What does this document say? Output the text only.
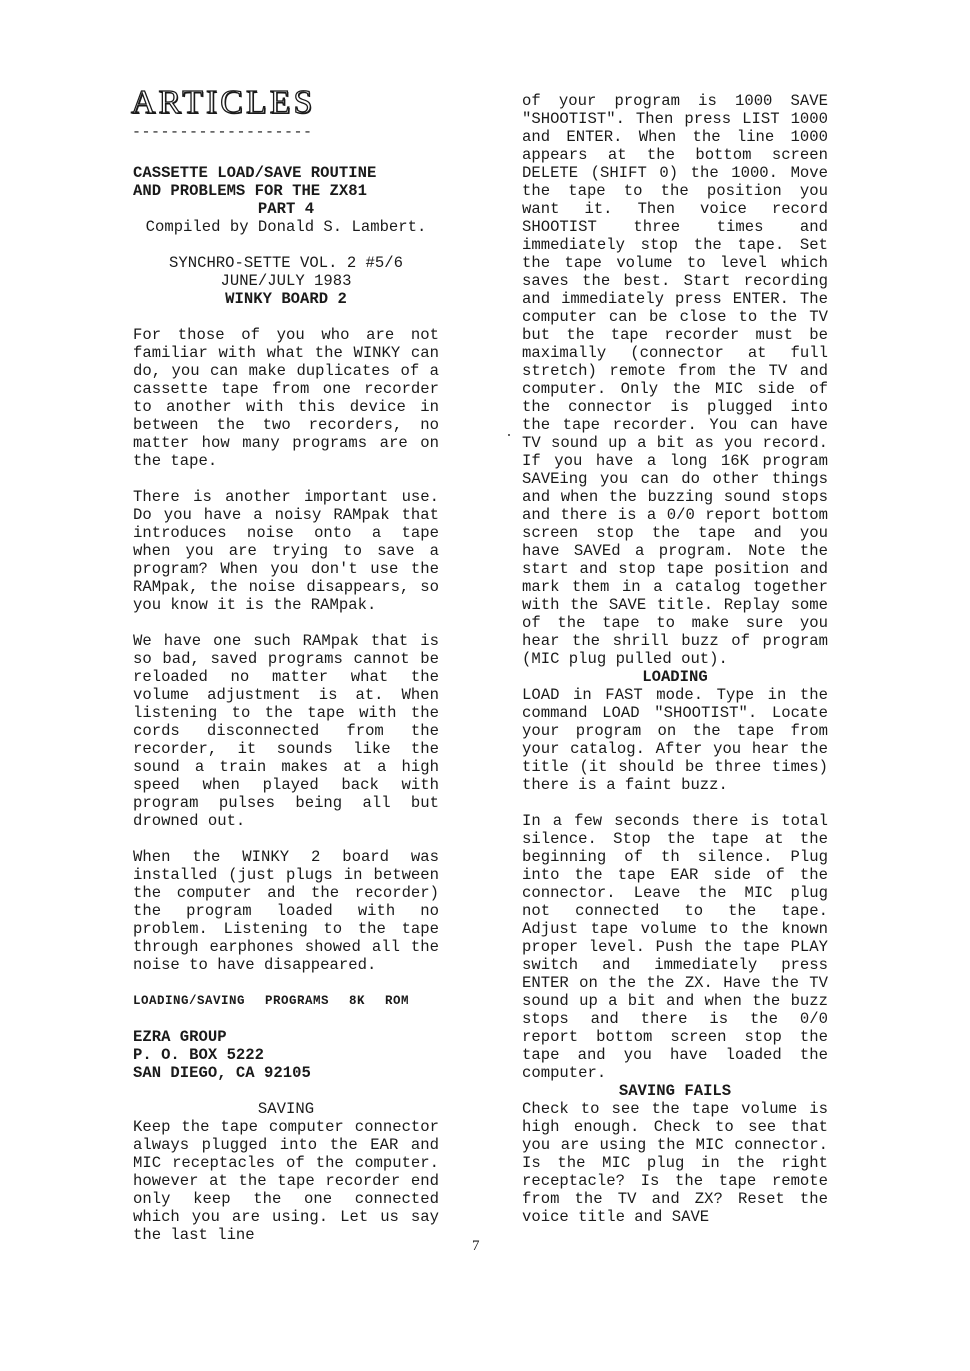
ARTICLES
-------------------

CASSETTE LOAD/SAVE ROUTINE

AND PROBLEMS FOR THE ZX81

PART 4

Compiled by Donald S. Lambert.

SYNCHRO-SETTE VOL. 2 #5/6

JUNE/JULY 1983

WINKY BOARD 2

For those of you who are not familiar with what the WINKY can do, you can make duplicates of a cassette tape from one recorder to another with this device in between the two recorders, no matter how many programs are on the tape.

There is another important use. Do you have a noisy RAMpak that introduces noise onto a tape when you are trying to save a program? When you don't use the RAMpak, the noise disappears, so you know it is the RAMpak.

We have one such RAMpak that is so bad, saved programs cannot be reloaded no matter what the volume adjustment is at. When listening to the tape with the cords disconnected from the recorder, it sounds like the sound a train makes at a high speed when played back with program pulses being all but drowned out.

When the WINKY 2 board was installed (just plugs in between the computer and the recorder) the program loaded with no problem. Listening to the tape through earphones showed all the noise to have disappeared.

LOADING/SAVING PROGRAMS 8K ROM

EZRA GROUP

P. O. BOX 5222

SAN DIEGO, CA 92105

SAVING

Keep the tape computer connector always plugged into the EAR and MIC receptacles of the computer. however at the tape recorder end only keep the one connected which you are using. Let us say the last line

of your program is 1000 SAVE "SHOOTIST". Then press LIST 1000 and ENTER. When the line 1000 appears at the bottom screen DELETE (SHIFT 0) the 1000. Move the tape to the position you want it. Then voice record SHOOTIST three times and immediately stop the tape. Set the tape volume to level which saves the best. Start recording and immediately press ENTER. The computer can be close to the TV but the tape recorder must be maximally (connector at full stretch) remote from the TV and computer. Only the MIC side of the connector is plugged into the tape recorder. You can have TV sound up a bit as you record. If you have a long 16K program SAVEing you can do other things and when the buzzing sound stops and there is a 0/0 report bottom screen stop the tape and you have SAVEd a program. Note the start and stop tape position and mark them in a catalog together with the SAVE title. Replay some of the tape to make sure you hear the shrill buzz of program (MIC plug pulled out).

LOADING

LOAD in FAST mode. Type in the command LOAD "SHOOTIST". Locate your program on the tape from your catalog. After you hear the title (it should be three times) there is a faint buzz.

In a few seconds there is total silence. Stop the tape at the beginning of th silence. Plug into the tape EAR side of the connector. Leave the MIC plug not connected to the tape. Adjust tape volume to the known proper level. Push the tape PLAY switch and immediately press ENTER on the the ZX. Have the TV sound up a bit and when the buzz stops and there is the 0/0 report bottom screen stop the tape and you have loaded the computer.

SAVING FAILS

Check to see the tape volume is high enough. Check to see that you are using the MIC connector. Is the MIC plug in the right receptacle? Is the tape remote from the TV and ZX? Reset the voice title and SAVE

7
